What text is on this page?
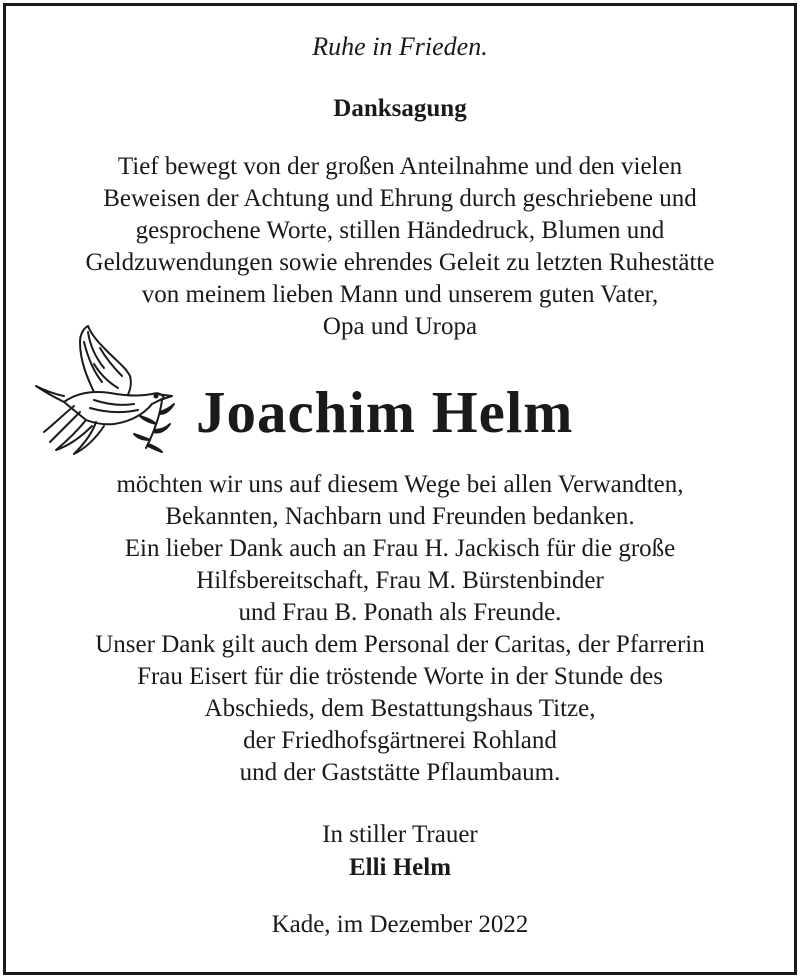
Ruhe in Frieden.
Danksagung

Tief bewegt von der großen Anteilnahme und den vielen

Beweisen der Achtung und Ehrung durch geschriebene und

gesprochene Worte, stillen Händedruck, Blumen und

Geldzuwendungen sowie ehrendes Geleit zu letzten Ruhestätte

von meinem lieben Mann und unserem guten Vater,

Opa und Uropa

Joachim Helm

möchten wir uns auf diesem Wege bei allen Verwandten,

Bekannten, Nachbarn und Freunden bedanken.

Ein lieber Dank auch an Frau H. Jackisch für die große

Hilfsbereitschaft, Frau M. Bürstenbinder

und Frau B. Ponath als Freunde.

Unser Dank gilt auch dem Personal der Caritas, der Pfarrerin

Frau Eisert für die tröstende Worte in der Stunde des

Abschieds, dem Bestattungshaus Titze,

der Friedhofsgärtnerei Rohland

und der Gaststätte Pflaumbaum.

In stiller Trauer
Elli Helm
Kade, im Dezember 2022
